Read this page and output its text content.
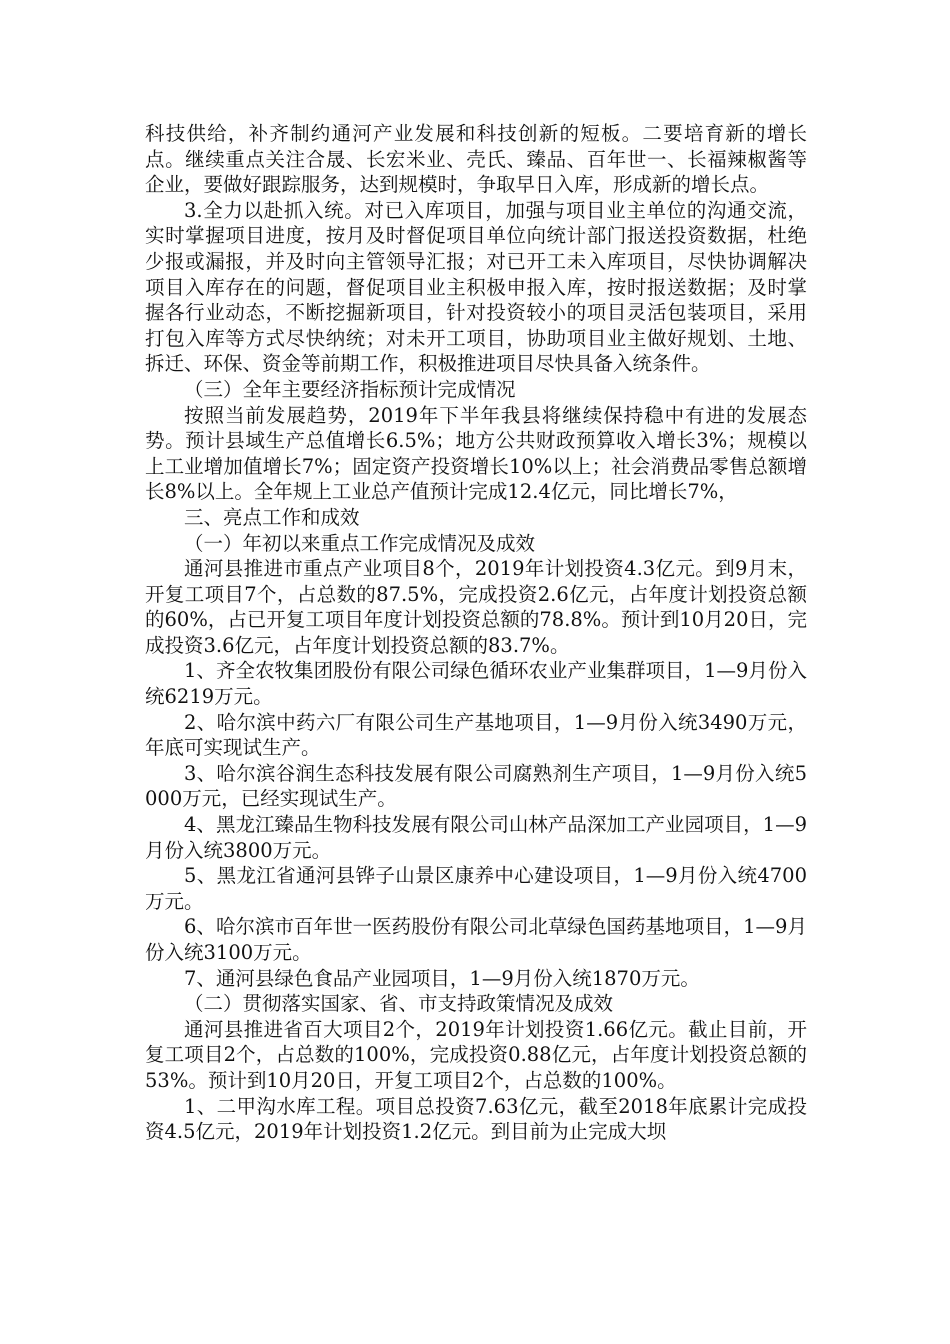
科技供给，补齐制约通河产业发展和科技创新的短板。二要培育新的增长点。继续重点关注合晟、长宏米业、壳氏、臻品、百年世一、长福辣椒酱等企业，要做好跟踪服务，达到规模时，争取早日入库，形成新的增长点。

3.全力以赴抓入统。对已入库项目，加强与项目业主单位的沟通交流，实时掌握项目进度，按月及时督促项目单位向统计部门报送投资数据，杜绝少报或漏报，并及时向主管领导汇报；对已开工未入库项目，尽快协调解决项目入库存在的问题，督促项目业主积极申报入库，按时报送数据；及时掌握各行业动态，不断挖掘新项目，针对投资较小的项目灵活包装项目，采用打包入库等方式尽快纳统；对未开工项目，协助项目业主做好规划、土地、拆迁、环保、资金等前期工作，积极推进项目尽快具备入统条件。

（三）全年主要经济指标预计完成情况

按照当前发展趋势，2019年下半年我县将继续保持稳中有进的发展态势。预计县域生产总值增长6.5%；地方公共财政预算收入增长3%；规模以上工业增加值增长7%；固定资产投资增长10%以上；社会消费品零售总额增长8%以上。全年规上工业总产值预计完成12.4亿元，同比增长7%，

三、亮点工作和成效

（一）年初以来重点工作完成情况及成效

通河县推进市重点产业项目8个，2019年计划投资4.3亿元。到9月末，开复工项目7个，占总数的87.5%，完成投资2.6亿元，占年度计划投资总额的60%，占已开复工项目年度计划投资总额的78.8%。预计到10月20日，完成投资3.6亿元，占年度计划投资总额的83.7%。

1、齐全农牧集团股份有限公司绿色循环农业产业集群项目，1—9月份入统6219万元。

2、哈尔滨中药六厂有限公司生产基地项目，1—9月份入统3490万元，年底可实现试生产。

3、哈尔滨谷润生态科技发展有限公司腐熟剂生产项目，1—9月份入统5000万元，已经实现试生产。

4、黑龙江臻品生物科技发展有限公司山林产品深加工产业园项目，1—9月份入统3800万元。

5、黑龙江省通河县铧子山景区康养中心建设项目，1—9月份入统4700万元。

6、哈尔滨市百年世一医药股份有限公司北草绿色国药基地项目，1—9月份入统3100万元。

7、通河县绿色食品产业园项目，1—9月份入统1870万元。

（二）贯彻落实国家、省、市支持政策情况及成效

通河县推进省百大项目2个，2019年计划投资1.66亿元。截止目前，开复工项目2个，占总数的100%，完成投资0.88亿元，占年度计划投资总额的53%。预计到10月20日，开复工项目2个，占总数的100%。

1、二甲沟水库工程。项目总投资7.63亿元，截至2018年底累计完成投资4.5亿元，2019年计划投资1.2亿元。到目前为止完成大坝
